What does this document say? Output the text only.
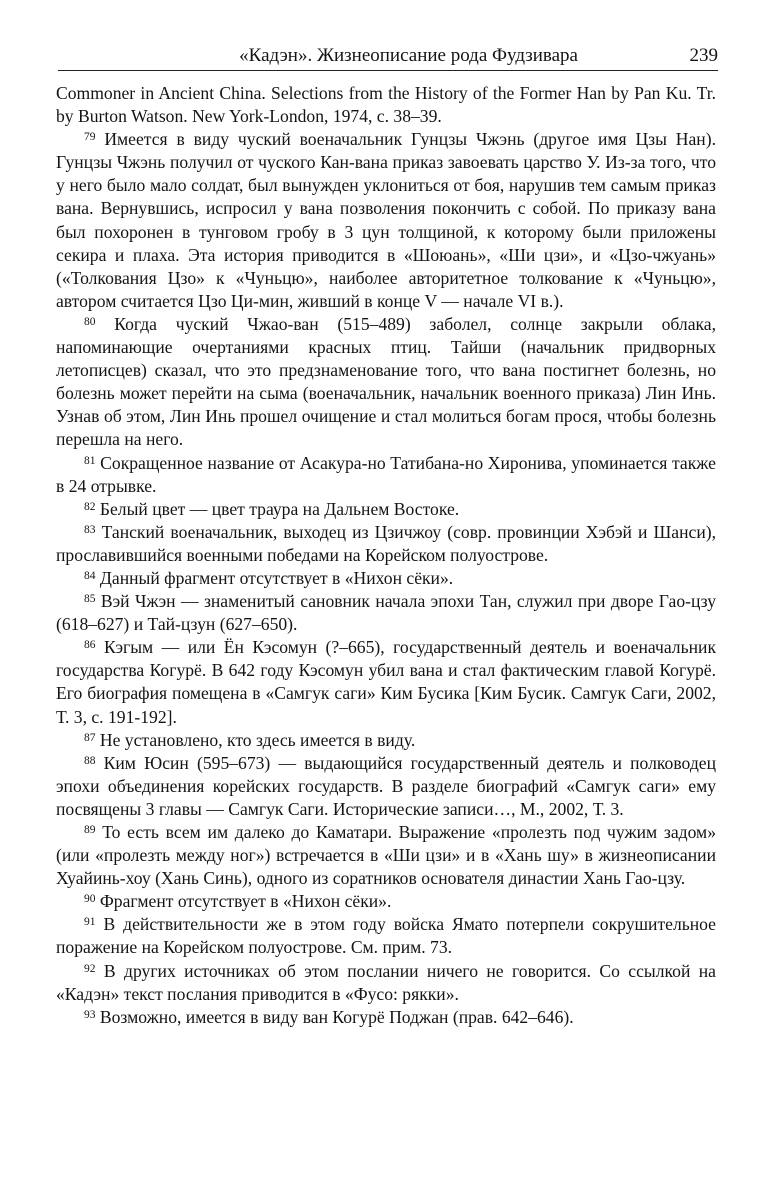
«Кадэн». Жизнеописание рода Фудзивара	239

Commoner in Ancient China. Selections from the History of the Former Han by Pan Ku. Tr. by Burton Watson. New York-London, 1974, с. 38–39.

$^{79}$ Имеется в виду чуский военачальник Гунцзы Чжэнь (другое имя Цзы Нан). Гунцзы Чжэнь получил от чуского Кан-вана приказ завоевать царство У. Из-за того, что у него было мало солдат, был вынужден уклониться от боя, нарушив тем самым приказ вана. Вернувшись, испросил у вана позволения покончить с собой. По приказу вана был похоронен в тунговом гробу в 3 цун толщиной, к которому были приложены секира и плаха. Эта история приводится в «Шоюань», «Ши цзи», и «Цзо-чжуань» («Толкования Цзо» к «Чуньцю», наиболее авторитетное толкование к «Чуньцю», автором считается Цзо Ци-мин, живший в конце V — начале VI в.).

$^{80}$ Когда чуский Чжао-ван (515–489) заболел, солнце закрыли облака, напоминающие очертаниями красных птиц. Тайши (начальник придворных летописцев) сказал, что это предзнаменование того, что вана постигнет болезнь, но болезнь может перейти на сыма (военачальник, начальник военного приказа) Лин Инь. Узнав об этом, Лин Инь прошел очищение и стал молиться богам прося, чтобы болезнь перешла на него.

$^{81}$ Сокращенное название от Асакура-но Татибана-но Хиронива, упоминается также в 24 отрывке.

$^{82}$ Белый цвет — цвет траура на Дальнем Востоке.

$^{83}$ Танский военачальник, выходец из Цзичжоу (совр. провинции Хэбэй и Шанси), прославившийся военными победами на Корейском полуострове.

$^{84}$ Данный фрагмент отсутствует в «Нихон сёки».

$^{85}$ Вэй Чжэн — знаменитый сановник начала эпохи Тан, служил при дворе Гао-цзу (618–627) и Тай-цзун (627–650).

$^{86}$ Кэгым — или Ён Кэсомун (?–665), государственный деятель и военачальник государства Когурё. В 642 году Кэсомун убил вана и стал фактическим главой Когурё. Его биография помещена в «Самгук саги» Ким Бусика [Ким Бусик. Самгук Саги, 2002, Т. 3, с. 191-192].

$^{87}$ Не установлено, кто здесь имеется в виду.

$^{88}$ Ким Юсин (595–673) — выдающийся государственный деятель и полководец эпохи объединения корейских государств. В разделе биографий «Самгук саги» ему посвящены 3 главы — Самгук Саги. Исторические записи…, М., 2002, Т. 3.

$^{89}$ То есть всем им далеко до Каматари. Выражение «пролезть под чужим задом» (или «пролезть между ног») встречается в «Ши цзи» и в «Хань шу» в жизнеописании Хуайинь-хоу (Хань Синь), одного из соратников основателя династии Хань Гао-цзу.

$^{90}$ Фрагмент отсутствует в «Нихон сёки».

$^{91}$ В действительности же в этом году войска Ямато потерпели сокрушительное поражение на Корейском полуострове. См. прим. 73.

$^{92}$ В других источниках об этом послании ничего не говорится. Со ссылкой на «Кадэн» текст послания приводится в «Фусо: рякки».

$^{93}$ Возможно, имеется в виду ван Когурё Поджан (прав. 642–646).
